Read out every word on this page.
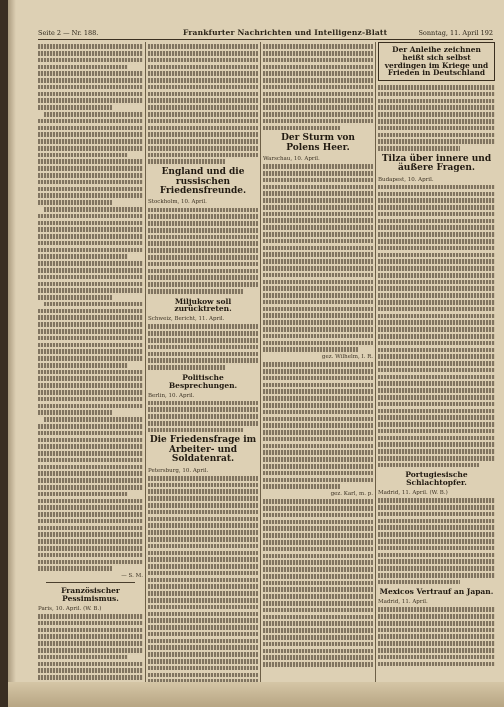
Seite 2 — Nr. 188.	Frankfurter Nachrichten und Intelligenz-Blatt	Sonntag, 11. April 192
— S. M.
Französischer Pessimismus.
Paris, 10. April. (W. B.)
England und die russischen Friedensfreunde.
Stockholm, 10. April.
Miljukow soll zurücktreten.
Schweiz, Bericht, 11. April.
Politische Besprechungen.
Berlin, 10. April.
Die Friedensfrage im Arbeiter- und Soldatenrat.
Petersburg, 10. April.
Der Sturm von Polens Heer.
Warschau, 10. April.
gez. Wilhelm, I. R.
gez. Karl, m. p.
Der Anleihe zeichnen heißt sich selbst verdingen im Kriege und Frieden in Deutschland
Tilza über innere und äußere Fragen.
Budapest, 10. April.
Portugiesische Schlachtopfer.
Madrid, 11. April. (W. B.)
Mexicos Vertrauf an Japan.
Madrid, 11. April.
